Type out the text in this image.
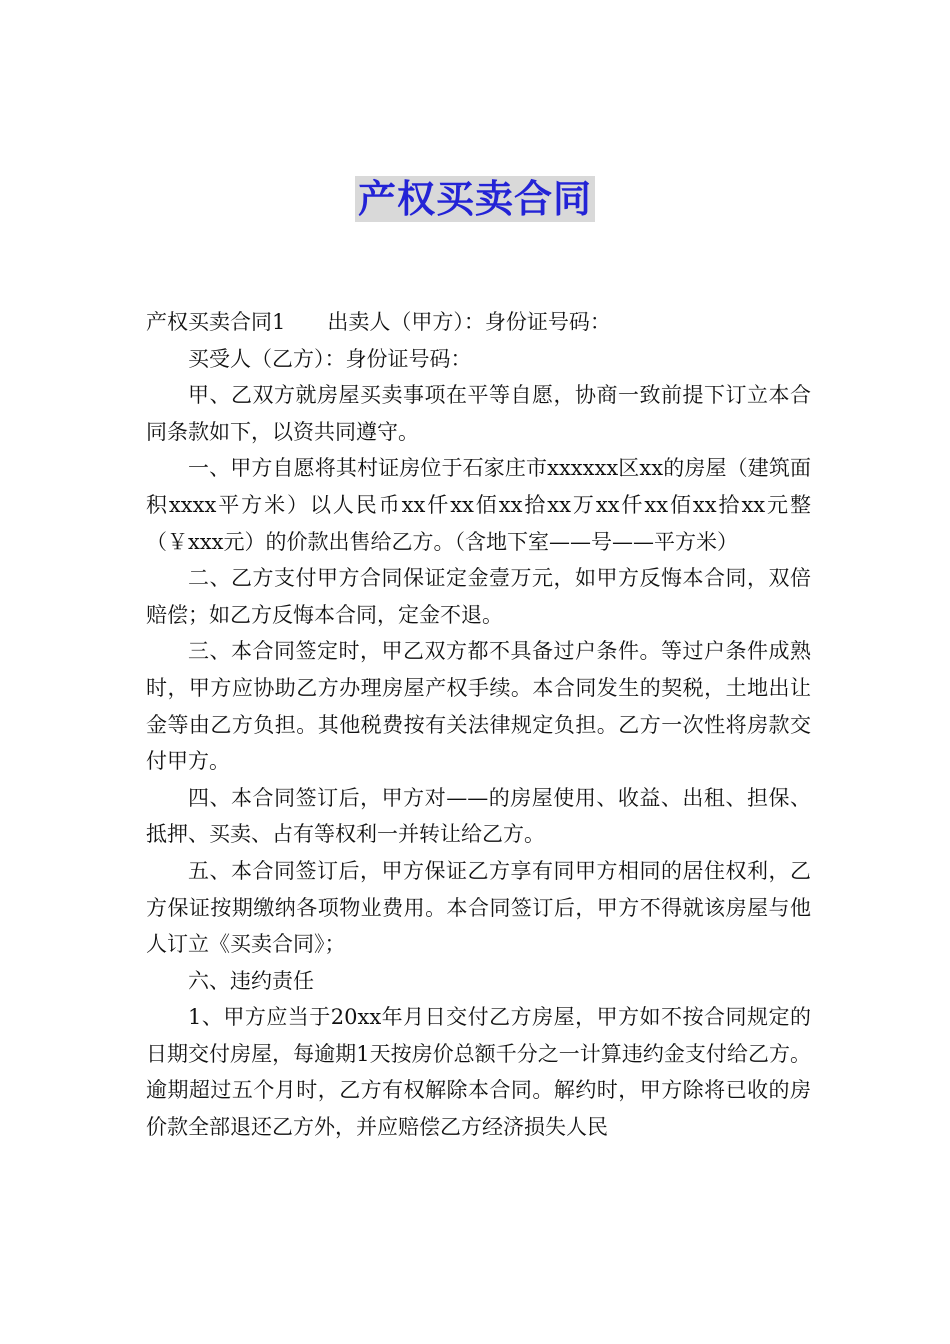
产权买卖合同

产权买卖合同1 出卖人（甲方）：身份证号码：

买受人（乙方）：身份证号码：

甲、乙双方就房屋买卖事项在平等自愿，协商一致前提下订立本合同条款如下，以资共同遵守。

一、甲方自愿将其村证房位于石家庄市xxxxxx区xx的房屋（建筑面积xxxx平方米）以人民币xx仟xx佰xx拾xx万xx仟xx佰xx拾xx元整（￥xxx元）的价款出售给乙方。（含地下室——号——平方米）

二、乙方支付甲方合同保证定金壹万元，如甲方反悔本合同，双倍赔偿；如乙方反悔本合同，定金不退。

三、本合同签定时，甲乙双方都不具备过户条件。等过户条件成熟时，甲方应协助乙方办理房屋产权手续。本合同发生的契税，土地出让金等由乙方负担。其他税费按有关法律规定负担。乙方一次性将房款交付甲方。

四、本合同签订后，甲方对——的房屋使用、收益、出租、担保、抵押、买卖、占有等权利一并转让给乙方。

五、本合同签订后，甲方保证乙方享有同甲方相同的居住权利，乙方保证按期缴纳各项物业费用。本合同签订后，甲方不得就该房屋与他人订立《买卖合同》；

六、违约责任

1、甲方应当于20xx年月日交付乙方房屋，甲方如不按合同规定的日期交付房屋，每逾期1天按房价总额千分之一计算违约金支付给乙方。逾期超过五个月时，乙方有权解除本合同。解约时，甲方除将已收的房价款全部退还乙方外，并应赔偿乙方经济损失人民
